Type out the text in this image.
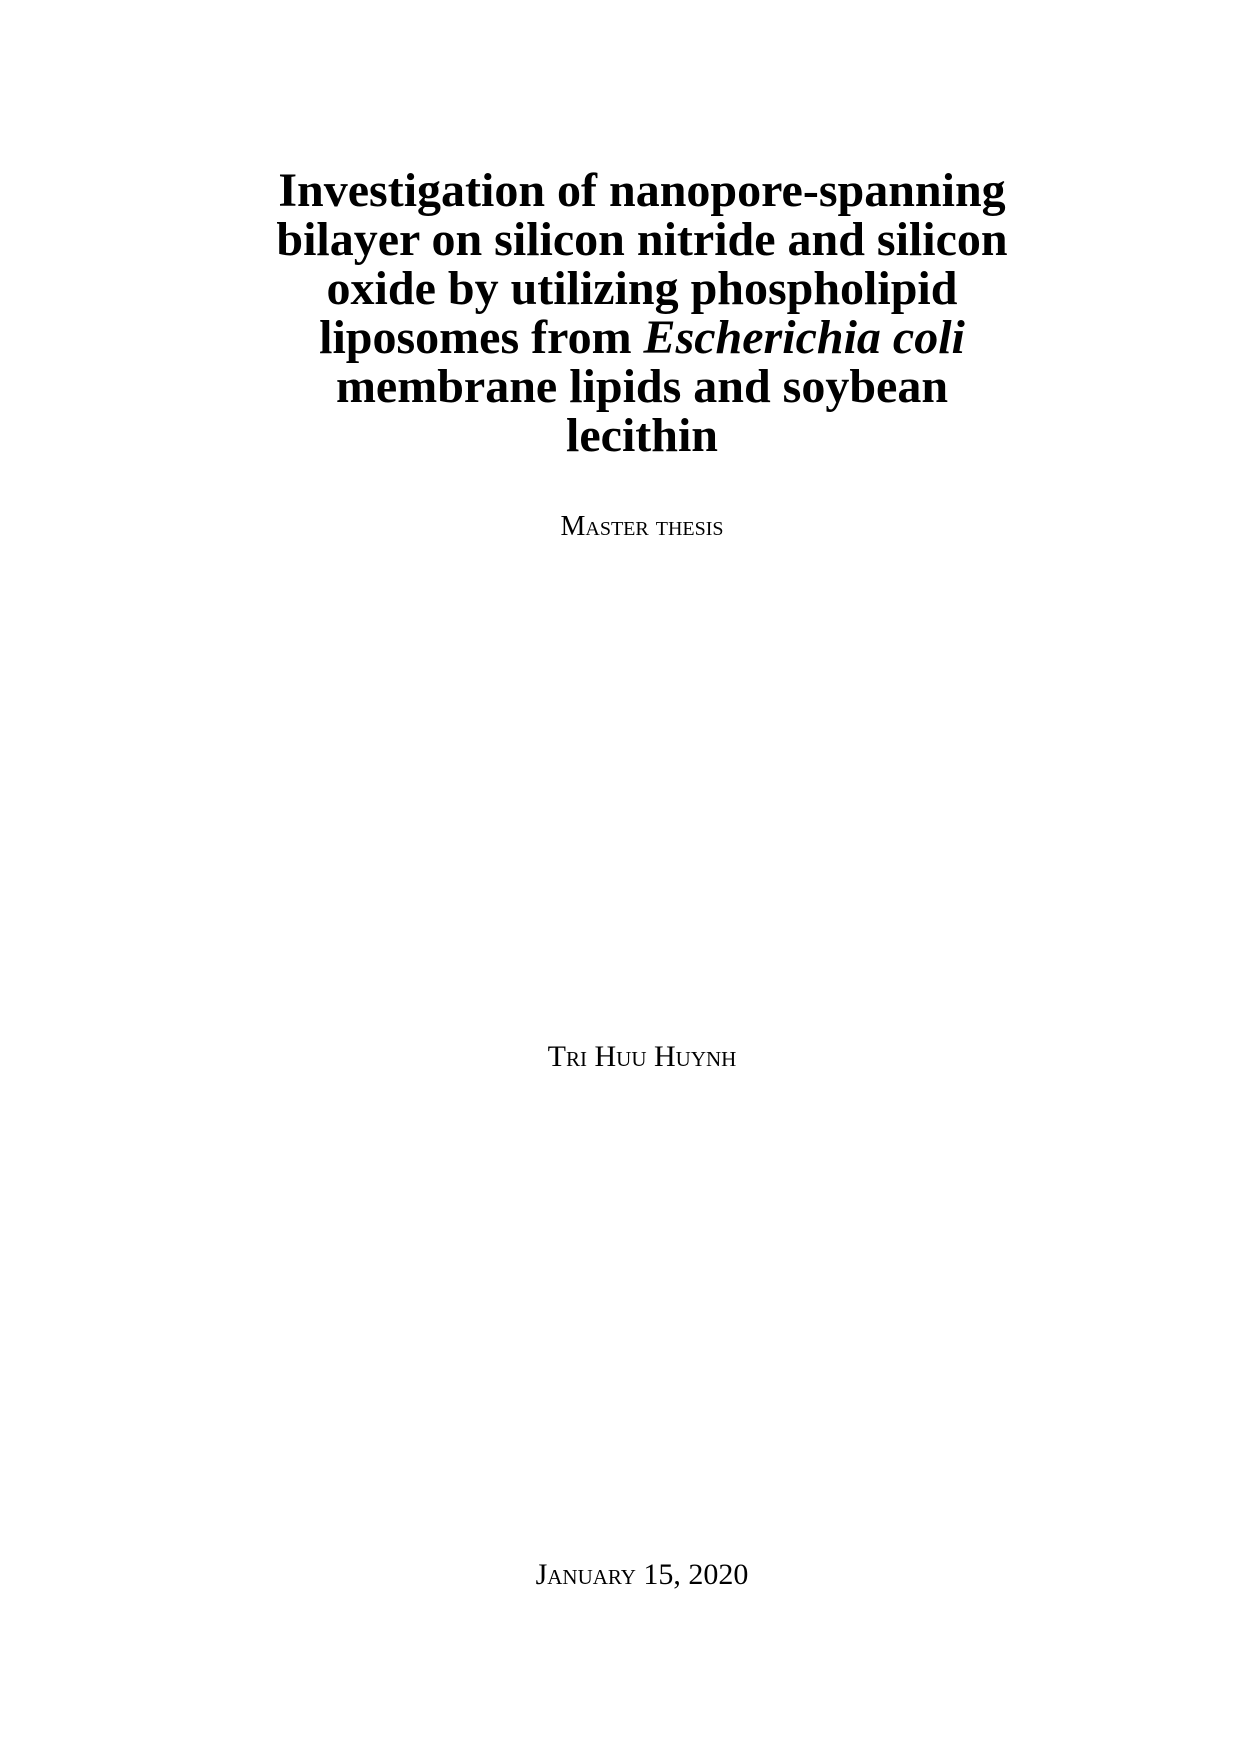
Investigation of nanopore-spanning
bilayer on silicon nitride and silicon
oxide by utilizing phospholipid
liposomes from Escherichia coli
membrane lipids and soybean
lecithin
Master thesis
Tri Huu Huynh
January 15, 2020
